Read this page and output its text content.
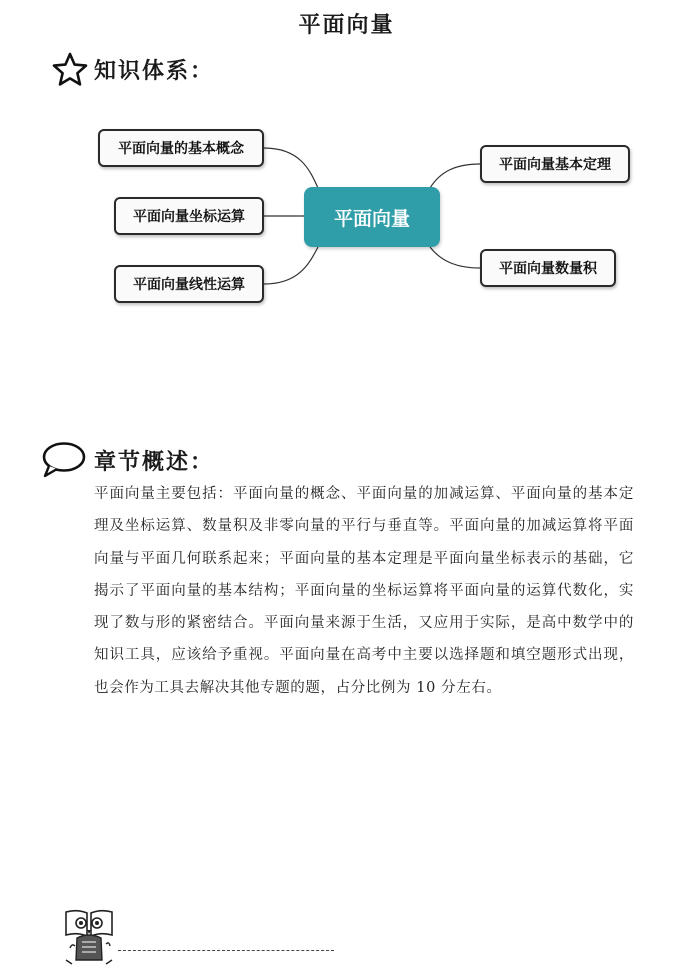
平面向量
知识体系：
平面向量
平面向量的基本概念
平面向量坐标运算
平面向量线性运算
平面向量基本定理
平面向量数量积
章节概述：
平面向量主要包括：平面向量的概念、平面向量的加减运算、平面向量的基本定理及坐标运算、数量积及非零向量的平行与垂直等。平面向量的加减运算将平面向量与平面几何联系起来；平面向量的基本定理是平面向量坐标表示的基础，它揭示了平面向量的基本结构；平面向量的坐标运算将平面向量的运算代数化，实现了数与形的紧密结合。平面向量来源于生活，又应用于实际，是高中数学中的知识工具，应该给予重视。平面向量在高考中主要以选择题和填空题形式出现，也会作为工具去解决其他专题的题，占分比例为 10 分左右。
